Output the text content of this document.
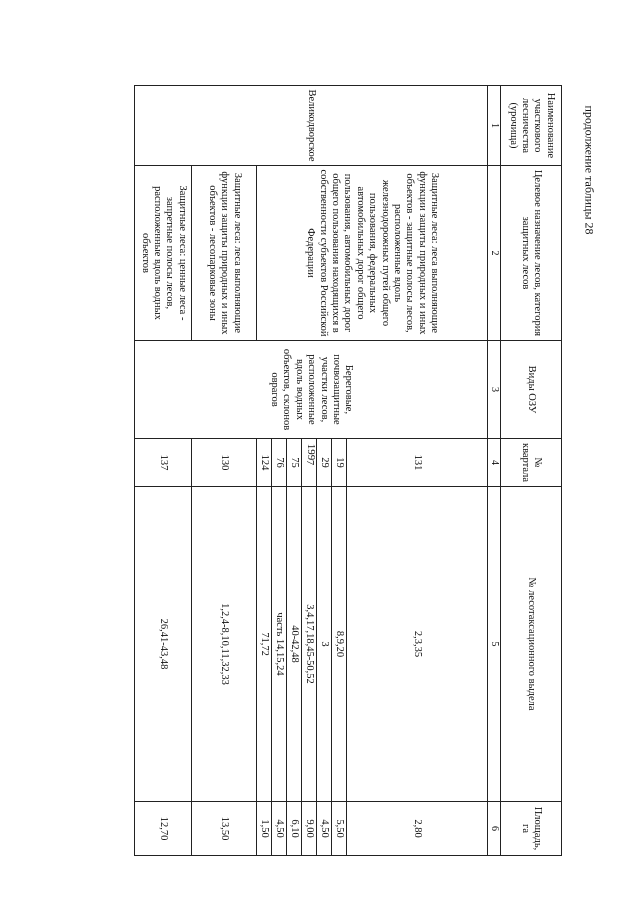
199
продолжение таблицы 28
Наименование участкового лесничества (урочища)	Целевое назначение лесов, категория защитных лесов	Виды ОЗУ	№ квартала	№ лесотаксационного выдела	Площадь, га
1	2	3	4	5	6
Великодворское	Защитные леса: леса выполняющие функции защиты природных и иных объектов - защитные полосы лесов, расположенные вдоль железнодорожных путей общего пользования, федеральных автомобильных дорог общего пользования, автомобильных дорог общего пользования находящихся в собственности субъектов Российской Федерации	Береговые, почвозащитные участки лесов, расположенные вдоль водных объектов, склонов оврагов	131	2,3,35	2,80
			19	8,9,20	5,50
			29	3	4,50
			7	3,4,17,18,45-50,52	9,00
			75	40-42,48	6,10
			76	часть 14,15,24	4,50
			124	71,72	1,50
	Защитные леса: леса выполняющие функции защиты природных и иных объектов - лесопарковые зоны		130	1,2,4-8,10,11,32,33	13,50
	Защитные леса: ценные леса - запретные полосы лесов, расположенные вдоль водных объектов		137	26,41-43,48	12,70
